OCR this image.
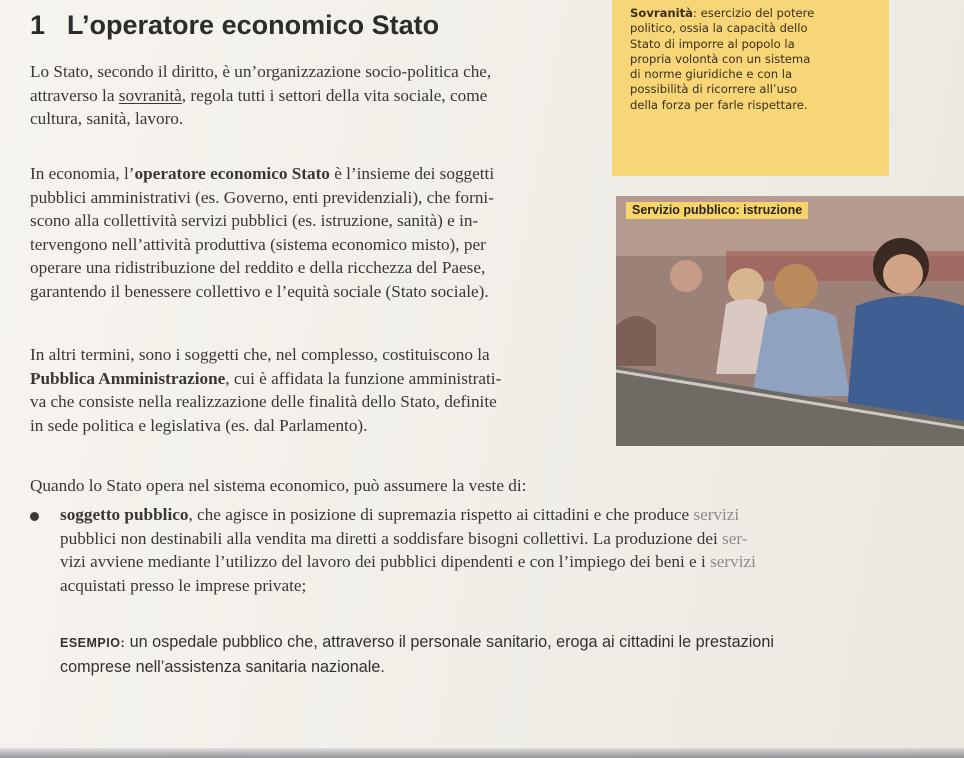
1 L’operatore economico Stato
Lo Stato, secondo il diritto, è un’organizzazione socio-politica che,
attraverso la sovranità, regola tutti i settori della vita sociale, come
cultura, sanità, lavoro.
Sovranità: esercizio del potere
politico, ossia la capacità dello
Stato di imporre al popolo la
propria volontà con un sistema
di norme giuridiche e con la
possibilità di ricorrere all’uso
della forza per farle rispettare.
In economia, l’operatore economico Stato è l’insieme dei soggetti
pubblici amministrativi (es. Governo, enti previdenziali), che forni-
scono alla collettività servizi pubblici (es. istruzione, sanità) e in-
tervengono nell’attività produttiva (sistema economico misto), per
operare una ridistribuzione del reddito e della ricchezza del Paese,
garantendo il benessere collettivo e l’equità sociale (Stato sociale).
Servizio pubblico: istruzione
In altri termini, sono i soggetti che, nel complesso, costituiscono la
Pubblica Amministrazione, cui è affidata la funzione amministrati-
va che consiste nella realizzazione delle finalità dello Stato, definite
in sede politica e legislativa (es. dal Parlamento).
Quando lo Stato opera nel sistema economico, può assumere la veste di:
soggetto pubblico, che agisce in posizione di supremazia rispetto ai cittadini e che produce servizi
pubblici non destinabili alla vendita ma diretti a soddisfare bisogni collettivi. La produzione dei ser-
vizi avviene mediante l’utilizzo del lavoro dei pubblici dipendenti e con l’impiego dei beni e i servizi
acquistati presso le imprese private;
ESEMPIO: un ospedale pubblico che, attraverso il personale sanitario, eroga ai cittadini le prestazioni
comprese nell’assistenza sanitaria nazionale.
